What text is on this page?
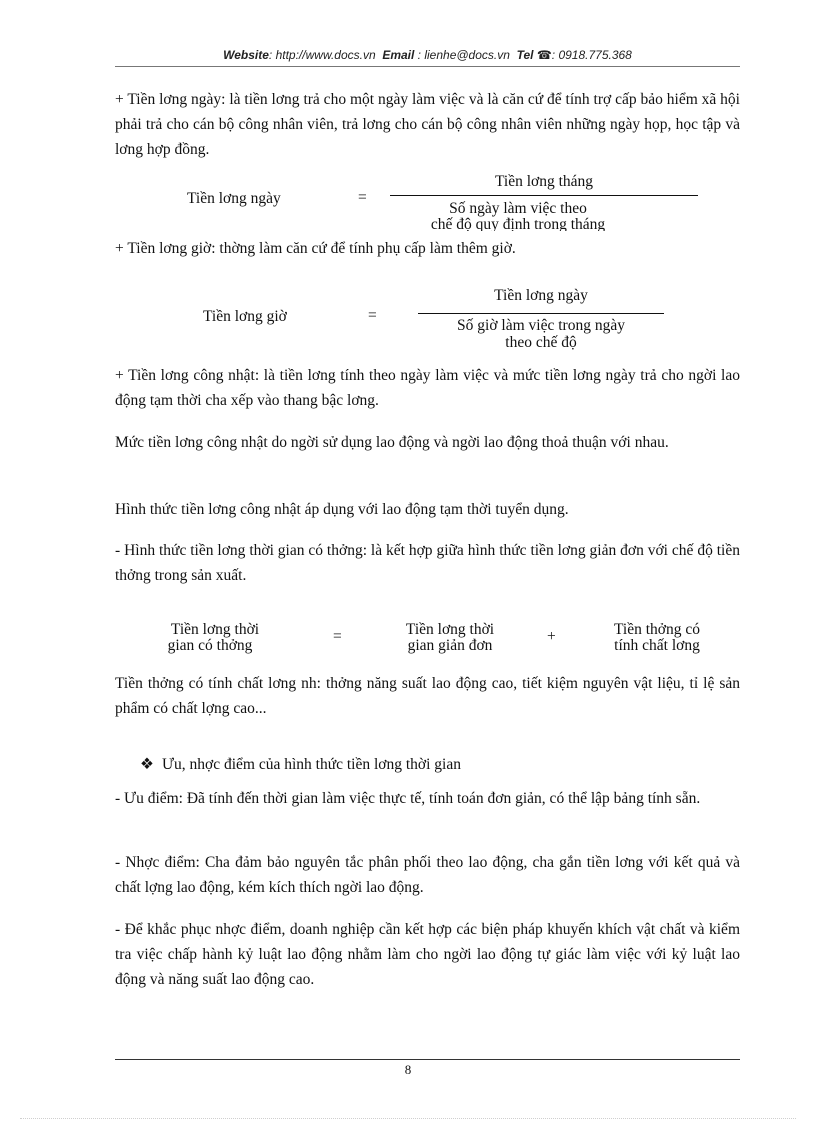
Website: http://www.docs.vn Email : lienhe@docs.vn Tel ☎: 0918.775.368
+ Tiền lơng ngày: là tiền lơng trả cho một ngày làm việc và là căn cứ để tính trợ cấp bảo hiểm xã hội phải trả cho cán bộ công nhân viên, trả lơng cho cán bộ công nhân viên những ngày họp, học tập và lơng hợp đồng.
Tiền lơng ngày	=
Tiền lơng tháng
Số ngày làm việc theo
chế độ quy định trong tháng
+ Tiền lơng giờ: thờng làm căn cứ để tính phụ cấp làm thêm giờ.
Tiền lơng giờ	=
Tiền lơng ngày
Số giờ làm việc trong ngày
theo chế độ
+ Tiền lơng công nhật: là tiền lơng tính theo ngày làm việc và mức tiền lơng ngày trả cho ngời lao động tạm thời cha xếp vào thang bậc lơng.
Mức tiền lơng công nhật do ngời sử dụng lao động và ngời lao động thoả thuận với nhau.
Hình thức tiền lơng công nhật áp dụng với lao động tạm thời tuyển dụng.
- Hình thức tiền lơng thời gian có thởng: là kết hợp giữa hình thức tiền lơng giản đơn với chế độ tiền thởng trong sản xuất.
Tiền lơng thời
gian có thởng
=	Tiền lơng thời
gian giản đơn
+	Tiền thởng có
tính chất lơng
Tiền thởng có tính chất lơng nh: thởng năng suất lao động cao, tiết kiệm nguyên vật liệu, tỉ lệ sản phẩm có chất lợng cao...
❖ Ưu, nhợc điểm của hình thức tiền lơng thời gian
- Ưu điểm: Đã tính đến thời gian làm việc thực tế, tính toán đơn giản, có thể lập bảng tính sẵn.
- Nhợc điểm: Cha đảm bảo nguyên tắc phân phối theo lao động, cha gắn tiền lơng với kết quả và chất lợng lao động, kém kích thích ngời lao động.
- Để khắc phục nhợc điểm, doanh nghiệp cần kết hợp các biện pháp khuyến khích vật chất và kiểm tra việc chấp hành kỷ luật lao động nhằm làm cho ngời lao động tự giác làm việc với kỷ luật lao động và năng suất lao động cao.
8
